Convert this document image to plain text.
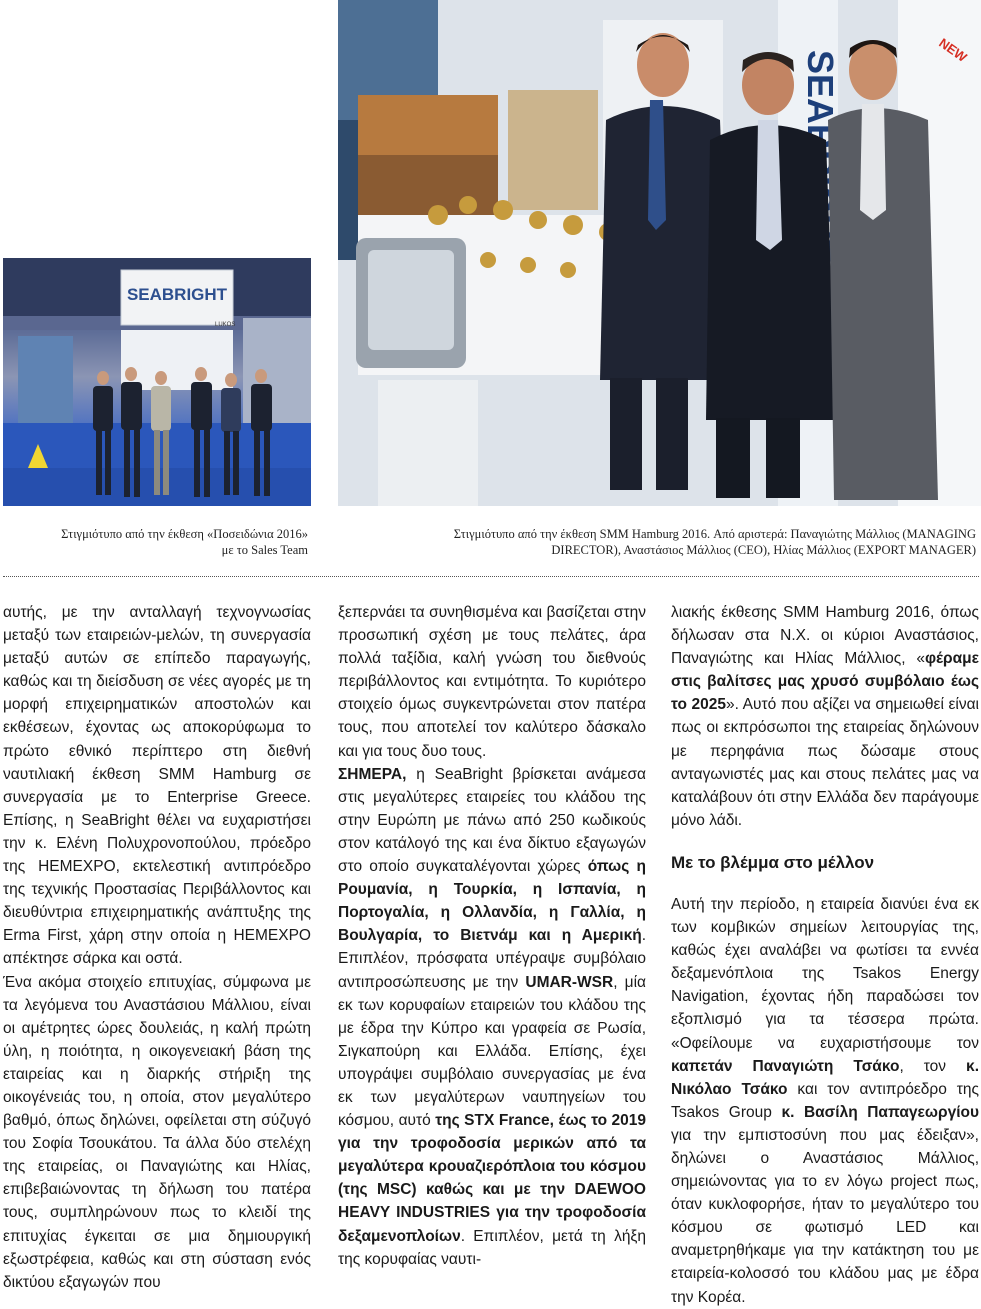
SEABRIGHT
LUKOS
NEW

Στιγμιότυπο από την έκθεση «Ποσειδώνια 2016»
με το Sales Team

Στιγμιότυπο από την έκθεση SMM Hamburg 2016. Από αριστερά: Παναγιώτης Μάλλιος (MANAGING
DIRECTOR), Αναστάσιος Μάλλιος (CEO), Ηλίας Μάλλιος (EXPORT MANAGER)

αυτής, με την ανταλλαγή τεχνογνωσίας μεταξύ των εταιρειών-μελών, τη συνεργασία μεταξύ αυτών σε επίπεδο παραγωγής, καθώς και τη διείσδυση σε νέες αγορές με τη μορφή επιχειρηματικών αποστολών και εκθέσεων, έχοντας ως αποκορύφωμα το πρώτο εθνικό περίπτερο στη διεθνή ναυτιλιακή έκθεση SMM Hamburg σε συνεργασία με το Enterprise Greece. Επίσης, η SeaBright θέλει να ευχαριστήσει την κ. Ελένη Πολυχρονοπούλου, πρόεδρο της HEMEXPO, εκτελεστική αντιπρόεδρο της τεχνικής Προστασίας Περιβάλλοντος και διευθύντρια επιχειρηματικής ανάπτυξης της Erma First, χάρη στην οποία η HEMEXPO απέκτησε σάρκα και οστά.

Ένα ακόμα στοιχείο επιτυχίας, σύμφωνα με τα λεγόμενα του Αναστάσιου Μάλλιου, είναι οι αμέτρητες ώρες δουλειάς, η καλή πρώτη ύλη, η ποιότητα, η οικογενειακή βάση της εταιρείας και η διαρκής στήριξη της οικογένειάς του, η οποία, στον μεγαλύτερο βαθμό, όπως δηλώνει, οφείλεται στη σύζυγό του Σοφία Τσουκάτου. Τα άλλα δύο στελέχη της εταιρείας, οι Παναγιώτης και Ηλίας, επιβεβαιώνοντας τη δήλωση του πατέρα τους, συμπληρώνουν πως το κλειδί της επιτυχίας έγκειται σε μια δημιουργική εξωστρέφεια, καθώς και στη σύσταση ενός δικτύου εξαγωγών που

ξεπερνάει τα συνηθισμένα και βασίζεται στην προσωπική σχέση με τους πελάτες, άρα πολλά ταξίδια, καλή γνώση του διεθνούς περιβάλλοντος και εντιμότητα. Το κυριότερο στοιχείο όμως συγκεντρώνεται στον πατέρα τους, που αποτελεί τον καλύτερο δάσκαλο και για τους δυο τους.

ΣΗΜΕΡΑ, η SeaBright βρίσκεται ανάμεσα στις μεγαλύτερες εταιρείες του κλάδου της στην Ευρώπη με πάνω από 250 κωδικούς στον κατάλογό της και ένα δίκτυο εξαγωγών στο οποίο συγκαταλέγονται χώρες όπως η Ρουμανία, η Τουρκία, η Ισπανία, η Πορτογαλία, η Ολλανδία, η Γαλλία, η Βουλγαρία, το Βιετνάμ και η Αμερική. Επιπλέον, πρόσφατα υπέγραψε συμβόλαιο αντιπροσώπευσης με την UMAR-WSR, μία εκ των κορυφαίων εταιρειών του κλάδου της με έδρα την Κύπρο και γραφεία σε Ρωσία, Σιγκαπούρη και Ελλάδα. Επίσης, έχει υπογράψει συμβόλαιο συνεργασίας με ένα εκ των μεγαλύτερων ναυπηγείων του κόσμου, αυτό της STX France, έως το 2019 για την τροφοδοσία μερικών από τα μεγαλύτερα κρουαζιερόπλοια του κόσμου (της MSC) καθώς και με την DAEWOO HEAVY INDUSTRIES για την τροφοδοσία δεξαμενοπλοίων. Επιπλέον, μετά τη λήξη της κορυφαίας ναυτι-

λιακής έκθεσης SMM Hamburg 2016, όπως δήλωσαν στα Ν.Χ. οι κύριοι Αναστάσιος, Παναγιώτης και Ηλίας Μάλλιος, «φέραμε στις βαλίτσες μας χρυσό συμβόλαιο έως το 2025». Αυτό που αξίζει να σημειωθεί είναι πως οι εκπρόσωποι της εταιρείας δηλώνουν με περηφάνια πως δώσαμε στους ανταγωνιστές μας και στους πελάτες μας να καταλάβουν ότι στην Ελλάδα δεν παράγουμε μόνο λάδι.

Με το βλέμμα στο μέλλον

Αυτή την περίοδο, η εταιρεία διανύει ένα εκ των κομβικών σημείων λειτουργίας της, καθώς έχει αναλάβει να φωτίσει τα εννέα δεξαμενόπλοια της Tsakos Energy Navigation, έχοντας ήδη παραδώσει τον εξοπλισμό για τα τέσσερα πρώτα. «Οφείλουμε να ευχαριστήσουμε τον καπετάν Παναγιώτη Τσάκο, τον κ. Νικόλαο Τσάκο και τον αντιπρόεδρο της Tsakos Group κ. Βασίλη Παπαγεωργίου για την εμπιστοσύνη που μας έδειξαν», δηλώνει ο Αναστάσιος Μάλλιος, σημειώνοντας για το εν λόγω project πως, όταν κυκλοφορήσε, ήταν το μεγαλύτερο του κόσμου σε φωτισμό LED και αναμετρηθήκαμε για την κατάκτηση του με εταιρεία-κολοσσό του κλάδου μας με έδρα την Κορέα.
